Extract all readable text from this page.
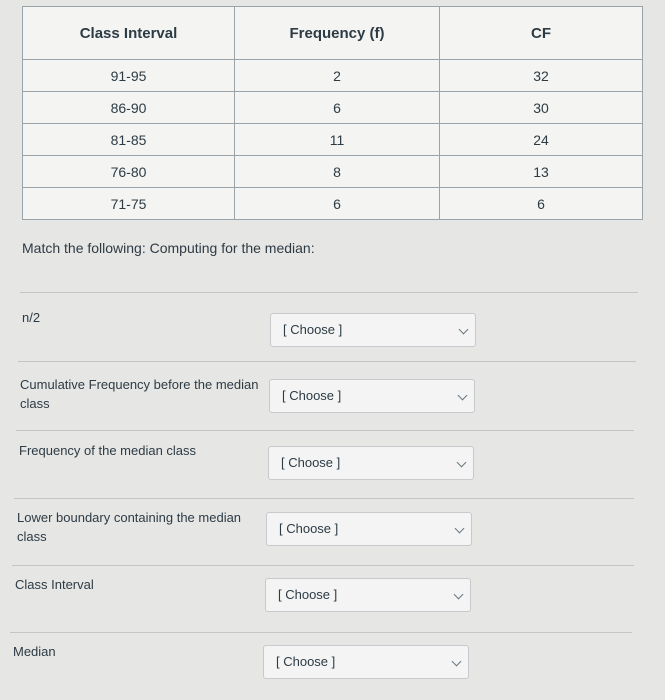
Class Interval	Frequency (f)	CF
91-95	2	32
86-90	6	30
81-85	11	24
76-80	8	13
71-75	6	6
Match the following: Computing for the median:
n/2
[ Choose ]
Cumulative Frequency before the median class
[ Choose ]
Frequency of the median class
[ Choose ]
Lower boundary containing the median class
[ Choose ]
Class Interval
[ Choose ]
Median
[ Choose ]
